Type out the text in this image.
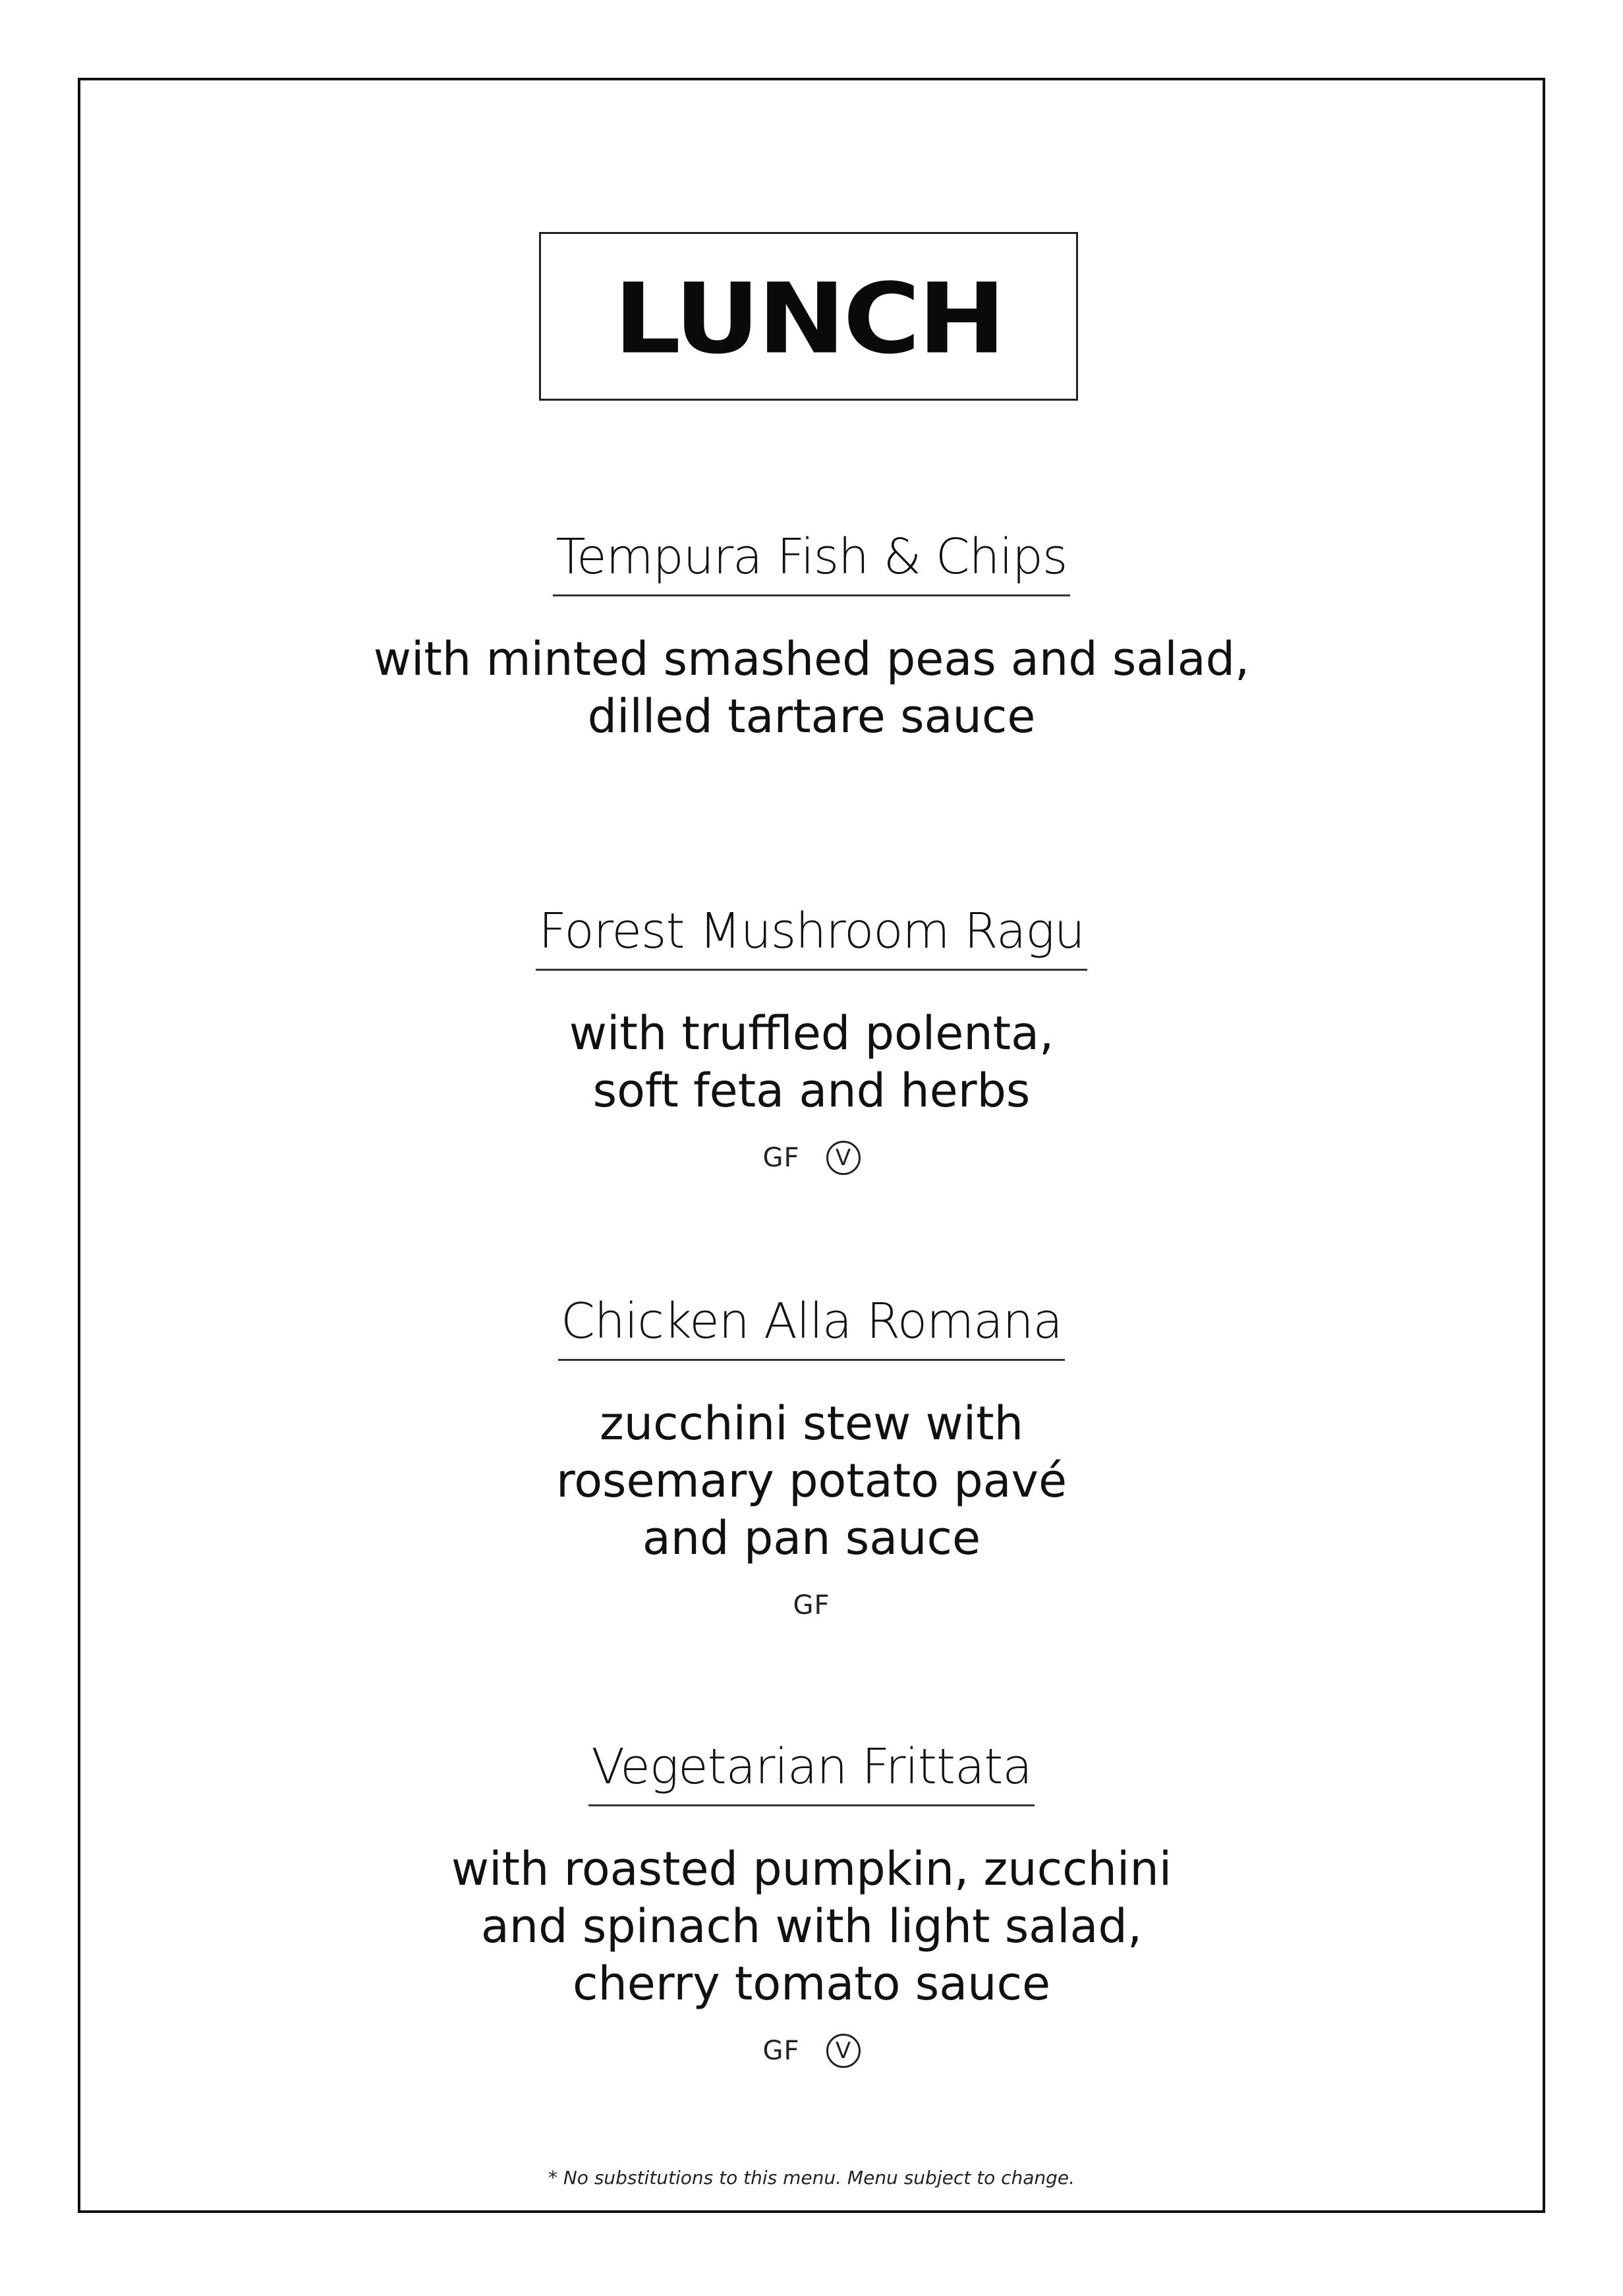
LUNCH
Tempura Fish & Chips
with minted smashed peas and salad,
dilled tartare sauce
Forest Mushroom Ragu
with truffled polenta,
soft feta and herbs
GF	V
Chicken Alla Romana
zucchini stew with
rosemary potato pavé
and pan sauce
GF
Vegetarian Frittata
with roasted pumpkin, zucchini
and spinach with light salad,
cherry tomato sauce
GF	V
* No substitutions to this menu. Menu subject to change.
